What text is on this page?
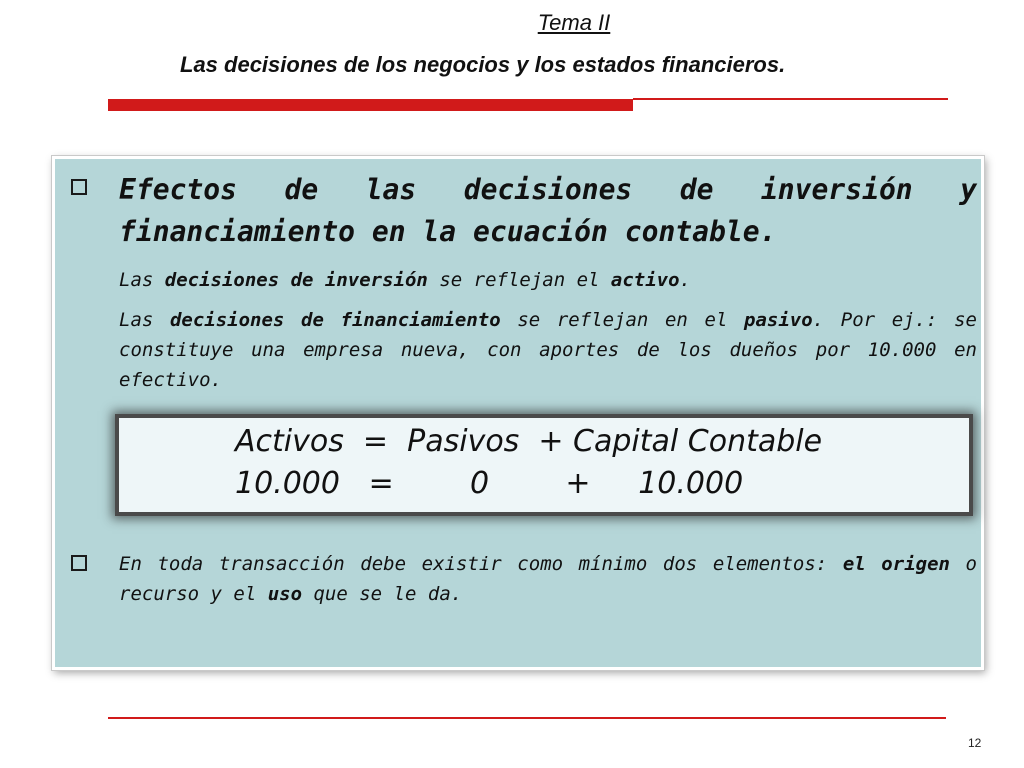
Tema II
Las decisiones de los negocios y los estados financieros.
Efectos de las decisiones de inversión y financiamiento en la ecuación contable.
Las decisiones de inversión se reflejan el activo.
Las decisiones de financiamiento se reflejan en el pasivo. Por ej.: se constituye una empresa nueva, con aportes de los dueños por 10.000 en efectivo.
En toda transacción debe existir como mínimo dos elementos: el origen o recurso y el uso que se le da.
Activos  =  Pasivos  + Capital Contable
10.000   =        0        +     10.000
12
